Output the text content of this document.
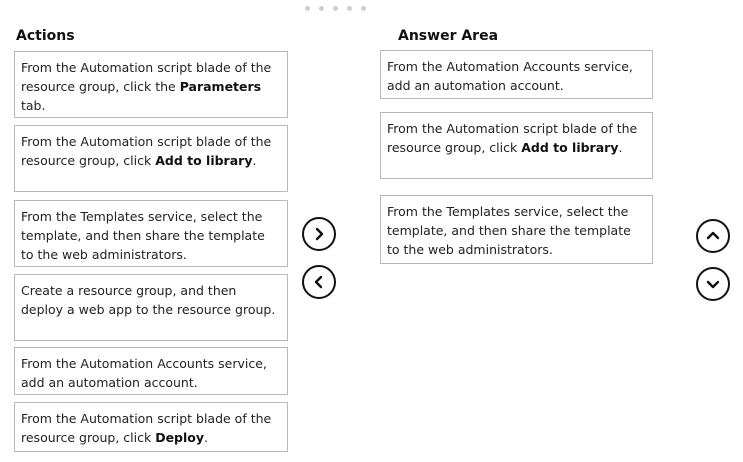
Actions	Answer Area
From the Automation script blade of the resource group, click the Parameters tab.
From the Automation script blade of the resource group, click Add to library.
From the Templates service, select the template, and then share the template to the web administrators.
Create a resource group, and then deploy a web app to the resource group.
From the Automation Accounts service, add an automation account.
From the Automation script blade of the resource group, click Deploy.
From the Automation Accounts service, add an automation account.
From the Automation script blade of the resource group, click Add to library.
From the Templates service, select the template, and then share the template to the web administrators.
